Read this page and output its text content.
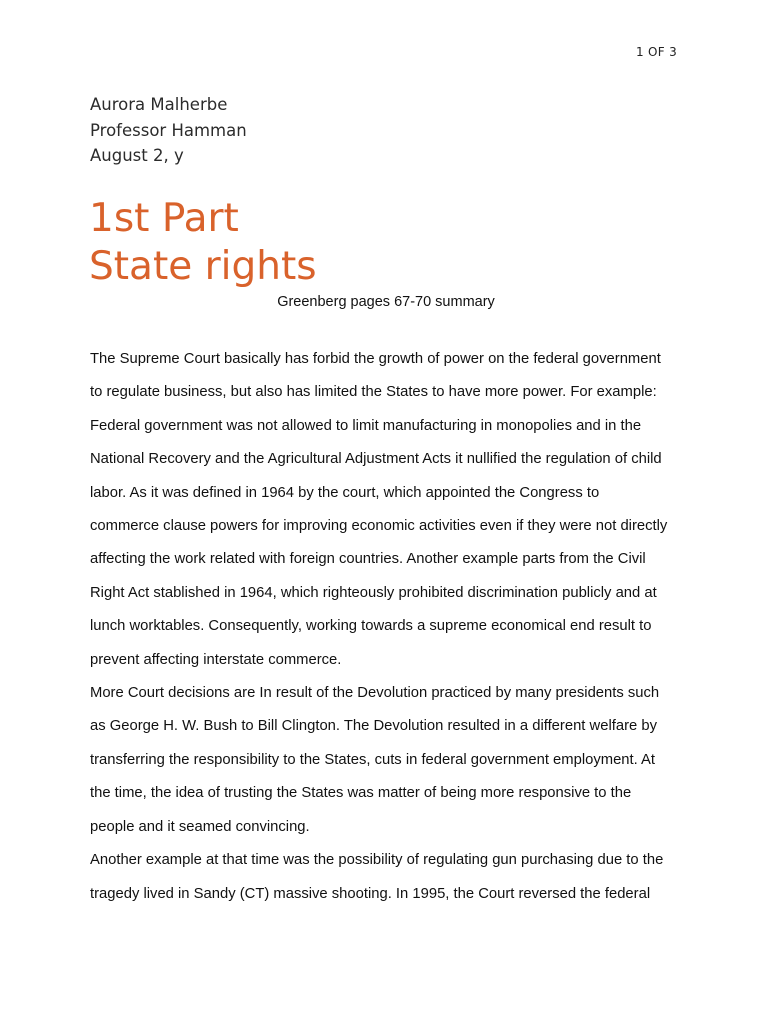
1 OF 3
Aurora Malherbe
Professor Hamman
August 2, y
1st Part
State rights
Greenberg pages 67-70 summary
The Supreme Court basically has forbid the growth of power on the federal government
to regulate business, but also has limited the States to have more power. For example:
Federal government was not allowed to limit manufacturing in monopolies and in the
National Recovery and the Agricultural Adjustment Acts it nullified the regulation of child
labor. As it was defined in 1964 by the court, which appointed the Congress to
commerce clause powers for improving economic activities even if they were not directly
affecting the work related with foreign countries. Another example parts from the Civil
Right Act stablished in 1964, which righteously prohibited discrimination publicly and at
lunch worktables. Consequently, working towards a supreme economical end result to
prevent affecting interstate commerce.
More Court decisions are In result of the Devolution practiced by many presidents such
as George H. W. Bush to Bill Clington. The Devolution resulted in a different welfare by
transferring the responsibility to the States, cuts in federal government employment. At
the time, the idea of trusting the States was matter of being more responsive to the
people and it seamed convincing.
Another example at that time was the possibility of regulating gun purchasing due to the
tragedy lived in Sandy (CT) massive shooting. In 1995, the Court reversed the federal
